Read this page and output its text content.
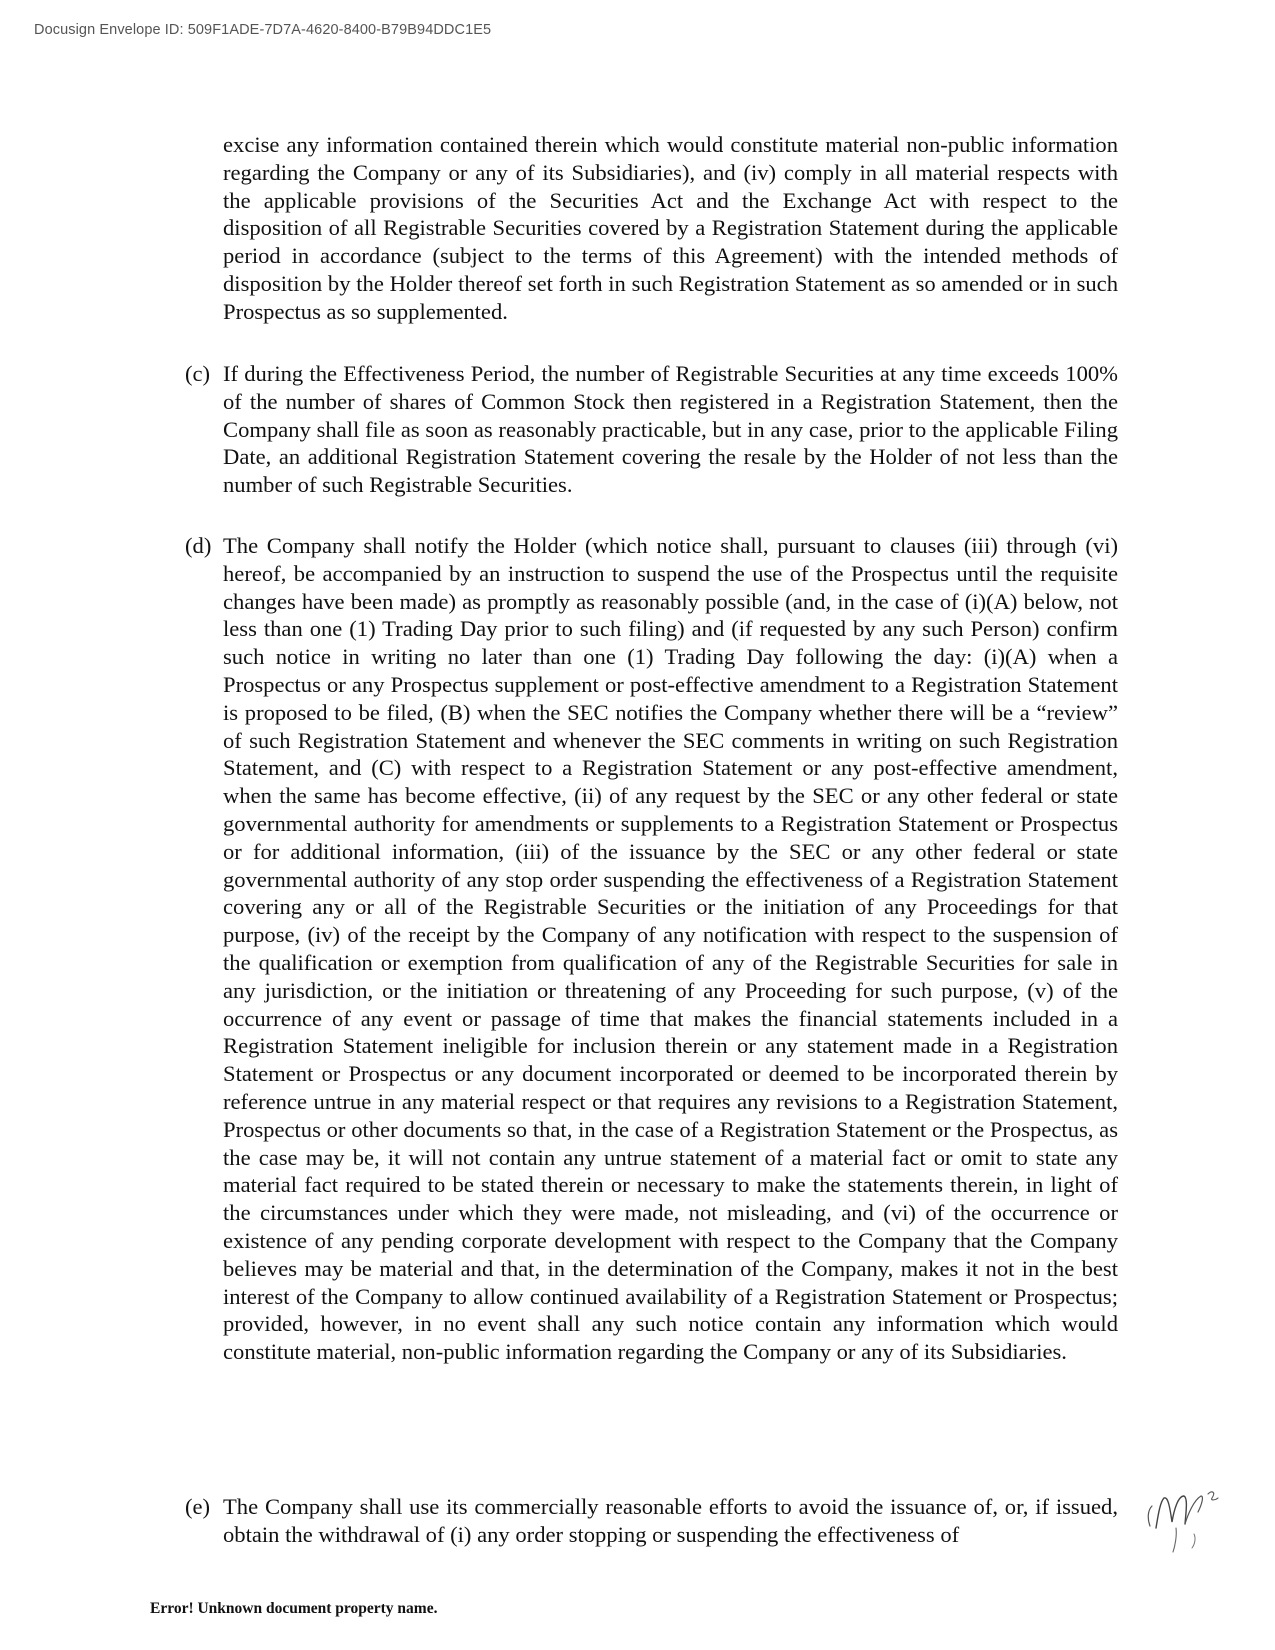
Docusign Envelope ID: 509F1ADE-7D7A-4620-8400-B79B94DDC1E5
excise any information contained therein which would constitute material non-public information regarding the Company or any of its Subsidiaries), and (iv) comply in all material respects with the applicable provisions of the Securities Act and the Exchange Act with respect to the disposition of all Registrable Securities covered by a Registration Statement during the applicable period in accordance (subject to the terms of this Agreement) with the intended methods of disposition by the Holder thereof set forth in such Registration Statement as so amended or in such Prospectus as so supplemented.
(c) If during the Effectiveness Period, the number of Registrable Securities at any time exceeds 100% of the number of shares of Common Stock then registered in a Registration Statement, then the Company shall file as soon as reasonably practicable, but in any case, prior to the applicable Filing Date, an additional Registration Statement covering the resale by the Holder of not less than the number of such Registrable Securities.
(d) The Company shall notify the Holder (which notice shall, pursuant to clauses (iii) through (vi) hereof, be accompanied by an instruction to suspend the use of the Prospectus until the requisite changes have been made) as promptly as reasonably possible (and, in the case of (i)(A) below, not less than one (1) Trading Day prior to such filing) and (if requested by any such Person) confirm such notice in writing no later than one (1) Trading Day following the day: (i)(A) when a Prospectus or any Prospectus supplement or post-effective amendment to a Registration Statement is proposed to be filed, (B) when the SEC notifies the Company whether there will be a “review” of such Registration Statement and whenever the SEC comments in writing on such Registration Statement, and (C) with respect to a Registration Statement or any post-effective amendment, when the same has become effective, (ii) of any request by the SEC or any other federal or state governmental authority for amendments or supplements to a Registration Statement or Prospectus or for additional information, (iii) of the issuance by the SEC or any other federal or state governmental authority of any stop order suspending the effectiveness of a Registration Statement covering any or all of the Registrable Securities or the initiation of any Proceedings for that purpose, (iv) of the receipt by the Company of any notification with respect to the suspension of the qualification or exemption from qualification of any of the Registrable Securities for sale in any jurisdiction, or the initiation or threatening of any Proceeding for such purpose, (v) of the occurrence of any event or passage of time that makes the financial statements included in a Registration Statement ineligible for inclusion therein or any statement made in a Registration Statement or Prospectus or any document incorporated or deemed to be incorporated therein by reference untrue in any material respect or that requires any revisions to a Registration Statement, Prospectus or other documents so that, in the case of a Registration Statement or the Prospectus, as the case may be, it will not contain any untrue statement of a material fact or omit to state any material fact required to be stated therein or necessary to make the statements therein, in light of the circumstances under which they were made, not misleading, and (vi) of the occurrence or existence of any pending corporate development with respect to the Company that the Company believes may be material and that, in the determination of the Company, makes it not in the best interest of the Company to allow continued availability of a Registration Statement or Prospectus; provided, however, in no event shall any such notice contain any information which would constitute material, non-public information regarding the Company or any of its Subsidiaries.
(e) The Company shall use its commercially reasonable efforts to avoid the issuance of, or, if issued, obtain the withdrawal of (i) any order stopping or suspending the effectiveness of
Error! Unknown document property name.
